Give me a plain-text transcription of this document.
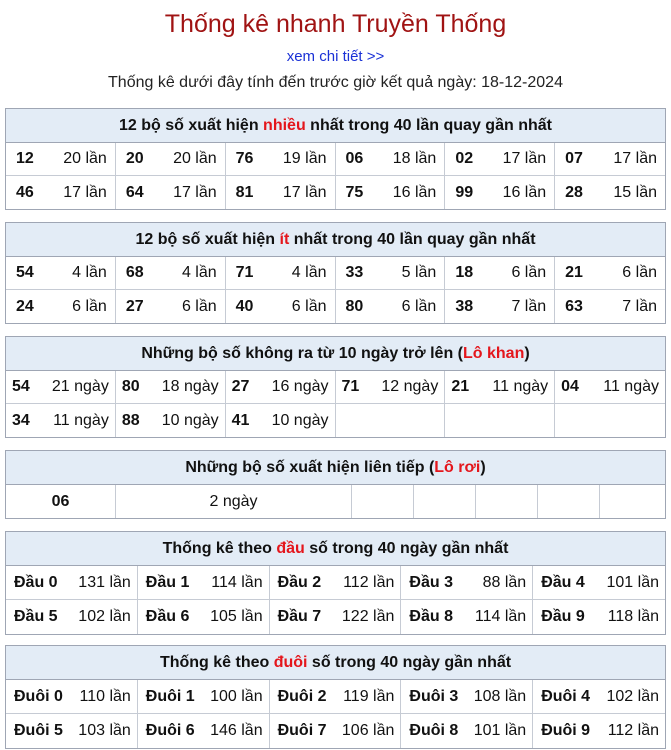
Thống kê nhanh Truyền Thống
xem chi tiết >>
Thống kê dưới đây tính đến trước giờ kết quả ngày: 18-12-2024
12 bộ số xuất hiện nhiều nhất trong 40 lần quay gần nhất
12 20 lần 20 20 lần 76 19 lần 06 18 lần 02 17 lần 07 17 lần
46 17 lần 64 17 lần 81 17 lần 75 16 lần 99 16 lần 28 15 lần
12 bộ số xuất hiện ít nhất trong 40 lần quay gần nhất
54 4 lần 68 4 lần 71 4 lần 33 5 lần 18 6 lần 21 6 lần
24 6 lần 27 6 lần 40 6 lần 80 6 lần 38 7 lần 63 7 lần
Những bộ số không ra từ 10 ngày trở lên (Lô khan)
54 21 ngày 80 18 ngày 27 16 ngày 71 12 ngày 21 11 ngày 04 11 ngày
34 11 ngày 88 10 ngày 41 10 ngày
Những bộ số xuất hiện liên tiếp (Lô rơi)
06	2 ngày
Thống kê theo đầu số trong 40 ngày gần nhất
Đầu 0 131 lần Đầu 1 114 lần Đầu 2 112 lần Đầu 3 88 lần Đầu 4 101 lần
Đầu 5 102 lần Đầu 6 105 lần Đầu 7 122 lần Đầu 8 114 lần Đầu 9 118 lần
Thống kê theo đuôi số trong 40 ngày gần nhất
Đuôi 0 110 lần Đuôi 1 100 lần Đuôi 2 119 lần Đuôi 3 108 lần Đuôi 4 102 lần
Đuôi 5 103 lần Đuôi 6 146 lần Đuôi 7 106 lần Đuôi 8 101 lần Đuôi 9 112 lần
